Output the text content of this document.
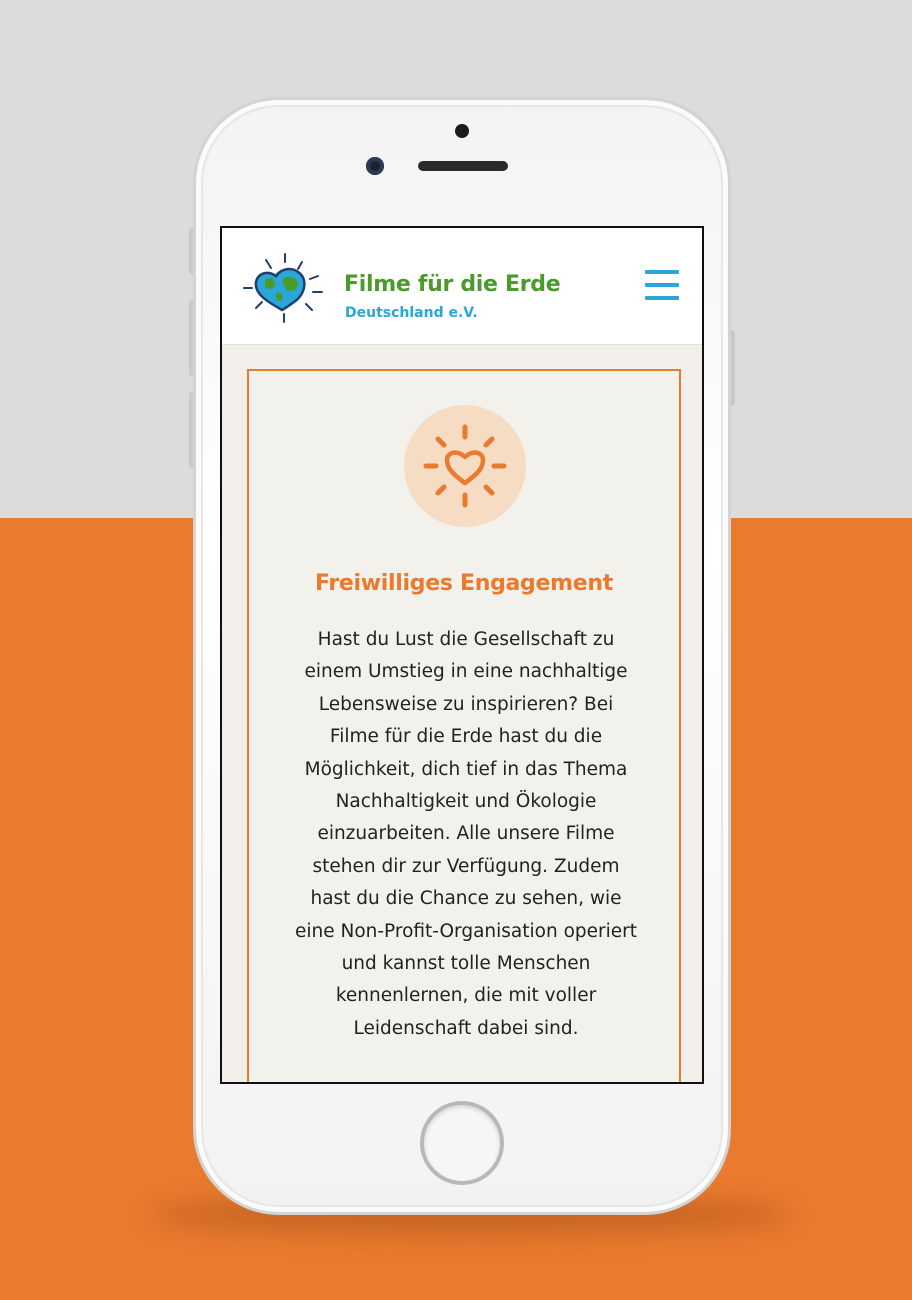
Filme für die Erde
Deutschland e.V.
Freiwilliges Engagement
Hast du Lust die Gesellschaft zu
einem Umstieg in eine nachhaltige
Lebensweise zu inspirieren? Bei
Filme für die Erde hast du die
Möglichkeit, dich tief in das Thema
Nachhaltigkeit und Ökologie
einzuarbeiten. Alle unsere Filme
stehen dir zur Verfügung. Zudem
hast du die Chance zu sehen, wie
eine Non-Profit-Organisation operiert
und kannst tolle Menschen
kennenlernen, die mit voller
Leidenschaft dabei sind.
